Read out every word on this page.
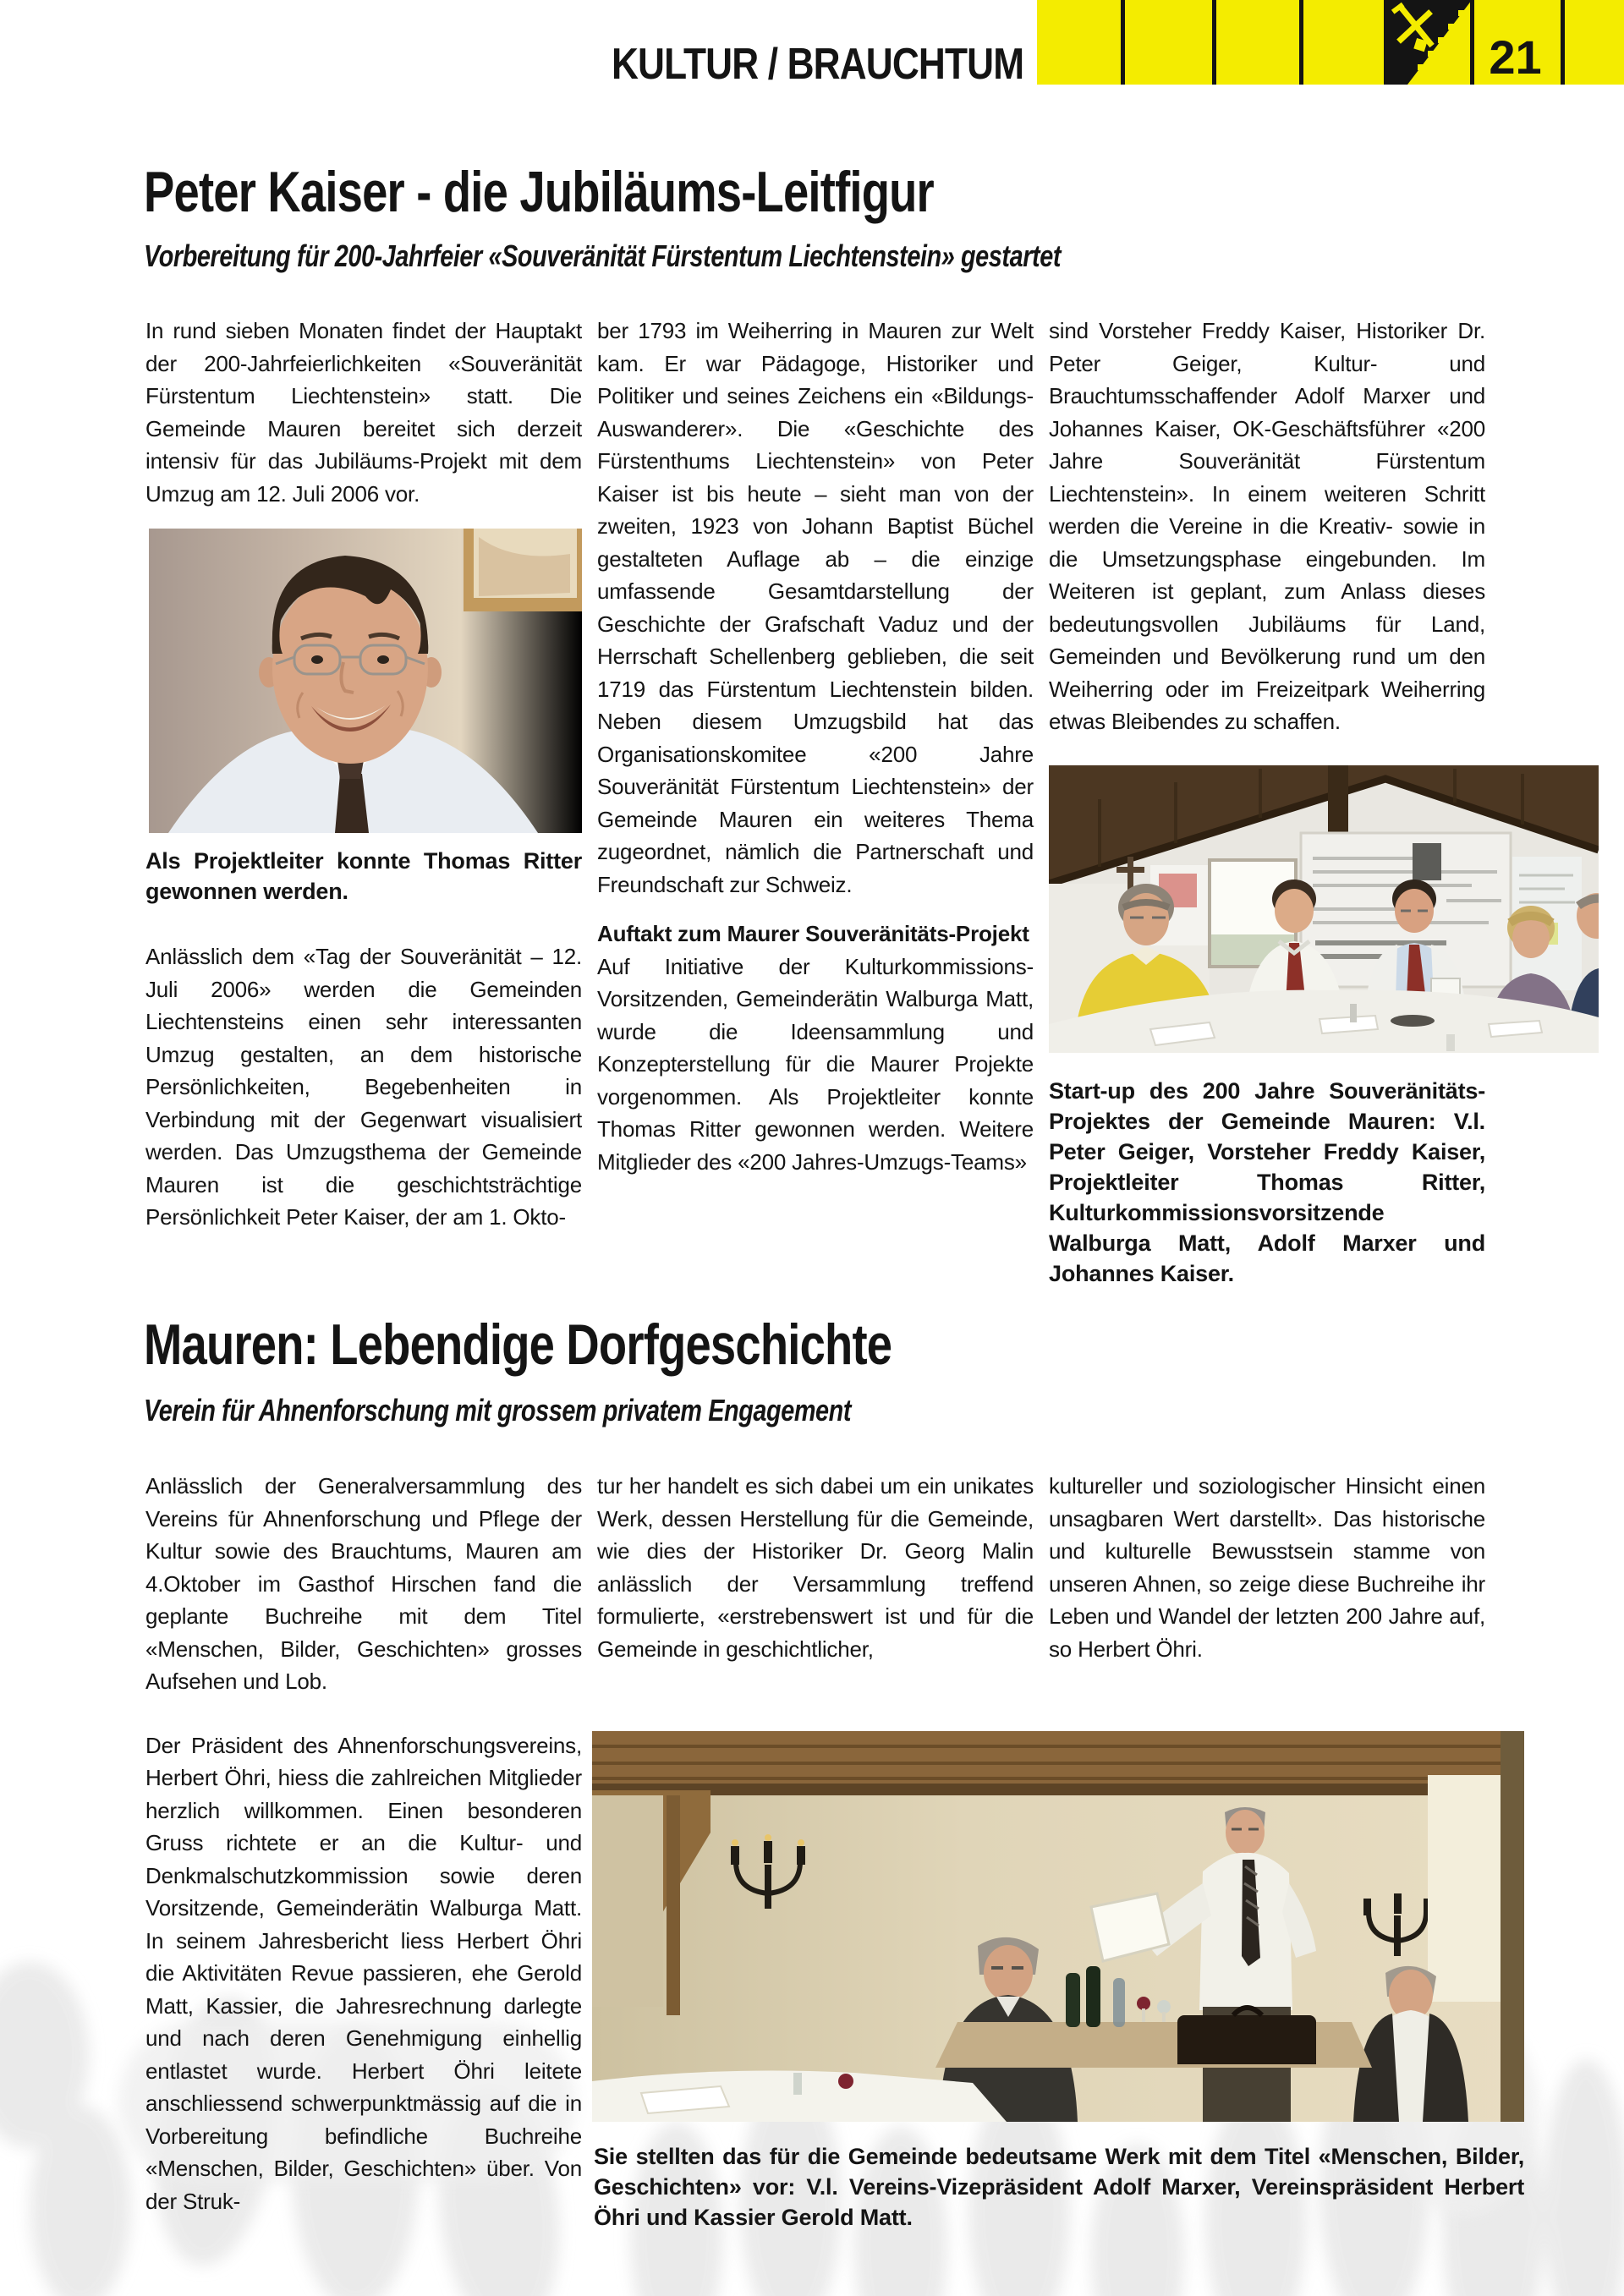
KULTUR / BRAUCHTUM	21
Peter Kaiser - die Jubiläums-Leitfigur
Vorbereitung für 200-Jahrfeier «Souveränität Fürstentum Liechtenstein» gestartet

In rund sieben Monaten findet der Hauptakt der 200-Jahrfeierlichkeiten «Souveränität Fürstentum Liechtenstein» statt. Die Gemeinde Mauren bereitet sich derzeit intensiv für das Jubiläums-Projekt mit dem Umzug am 12. Juli 2006 vor.

Als Projektleiter konnte Thomas Ritter gewonnen werden.

Anlässlich dem «Tag der Souveränität – 12. Juli 2006» werden die Gemeinden Liechtensteins einen sehr interessanten Umzug gestalten, an dem historische Persönlichkeiten, Begebenheiten in Verbindung mit der Gegenwart visualisiert werden. Das Umzugsthema der Gemeinde Mauren ist die geschichtsträchtige Persönlichkeit Peter Kaiser, der am 1. Okto-

ber 1793 im Weiherring in Mauren zur Welt kam. Er war Pädagoge, Historiker und Politiker und seines Zeichens ein «Bildungs-Auswanderer». Die «Geschichte des Fürstenthums Liechtenstein» von Peter Kaiser ist bis heute – sieht man von der zweiten, 1923 von Johann Baptist Büchel gestalteten Auflage ab – die einzige umfassende Gesamtdarstellung der Geschichte der Grafschaft Vaduz und der Herrschaft Schellenberg geblieben, die seit 1719 das Fürstentum Liechtenstein bilden. Neben diesem Umzugsbild hat das Organisationskomitee «200 Jahre Souveränität Fürstentum Liechtenstein» der Gemeinde Mauren ein weiteres Thema zugeordnet, nämlich die Partnerschaft und Freundschaft zur Schweiz.

Auftakt zum Maurer Souveränitäts-Projekt

Auf Initiative der Kulturkommissions-Vorsitzenden, Gemeinderätin Walburga Matt, wurde die Ideensammlung und Konzepterstellung für die Maurer Projekte vorgenommen. Als Projektleiter konnte Thomas Ritter gewonnen werden. Weitere Mitglieder des «200 Jahres-Umzugs-Teams»

sind Vorsteher Freddy Kaiser, Historiker Dr. Peter Geiger, Kultur- und Brauchtumsschaffender Adolf Marxer und Johannes Kaiser, OK-Geschäftsführer «200 Jahre Souveränität Fürstentum Liechtenstein». In einem weiteren Schritt werden die Vereine in die Kreativ- sowie in die Umsetzungsphase eingebunden. Im Weiteren ist geplant, zum Anlass dieses bedeutungsvollen Jubiläums für Land, Gemeinden und Bevölkerung rund um den Weiherring oder im Freizeitpark Weiherring etwas Bleibendes zu schaffen.

Start-up des 200 Jahre Souveränitäts-Projektes der Gemeinde Mauren: V.l. Peter Geiger, Vorsteher Freddy Kaiser, Projektleiter Thomas Ritter, Kulturkommissionsvorsitzende Walburga Matt, Adolf Marxer und Johannes Kaiser.

Mauren: Lebendige Dorfgeschichte
Verein für Ahnenforschung mit grossem privatem Engagement

Anlässlich der Generalversammlung des Vereins für Ahnenforschung und Pflege der Kultur sowie des Brauchtums, Mauren am 4.Oktober im Gasthof Hirschen fand die geplante Buchreihe mit dem Titel «Menschen, Bilder, Geschichten» grosses Aufsehen und Lob.

Der Präsident des Ahnenforschungsvereins, Herbert Öhri, hiess die zahlreichen Mitglieder herzlich willkommen. Einen besonderen Gruss richtete er an die Kultur- und Denkmalschutzkommission sowie deren Vorsitzende, Gemeinderätin Walburga Matt. In seinem Jahresbericht liess Herbert Öhri die Aktivitäten Revue passieren, ehe Gerold Matt, Kassier, die Jahresrechnung darlegte und nach deren Genehmigung einhellig entlastet wurde. Herbert Öhri leitete anschliessend schwerpunktmässig auf die in Vorbereitung befindliche Buchreihe «Menschen, Bilder, Geschichten» über. Von der Struk-

tur her handelt es sich dabei um ein unikates Werk, dessen Herstellung für die Gemeinde, wie dies der Historiker Dr. Georg Malin anlässlich der Versammlung treffend formulierte, «erstrebenswert ist und für die Gemeinde in geschichtlicher,

kultureller und soziologischer Hinsicht einen unsagbaren Wert darstellt». Das historische und kulturelle Bewusstsein stamme von unseren Ahnen, so zeige diese Buchreihe ihr Leben und Wandel der letzten 200 Jahre auf, so Herbert Öhri.

Sie stellten das für die Gemeinde bedeutsame Werk mit dem Titel «Menschen, Bilder, Geschichten» vor: V.l. Vereins-Vizepräsident Adolf Marxer, Vereinspräsident Herbert Öhri und Kassier Gerold Matt.
